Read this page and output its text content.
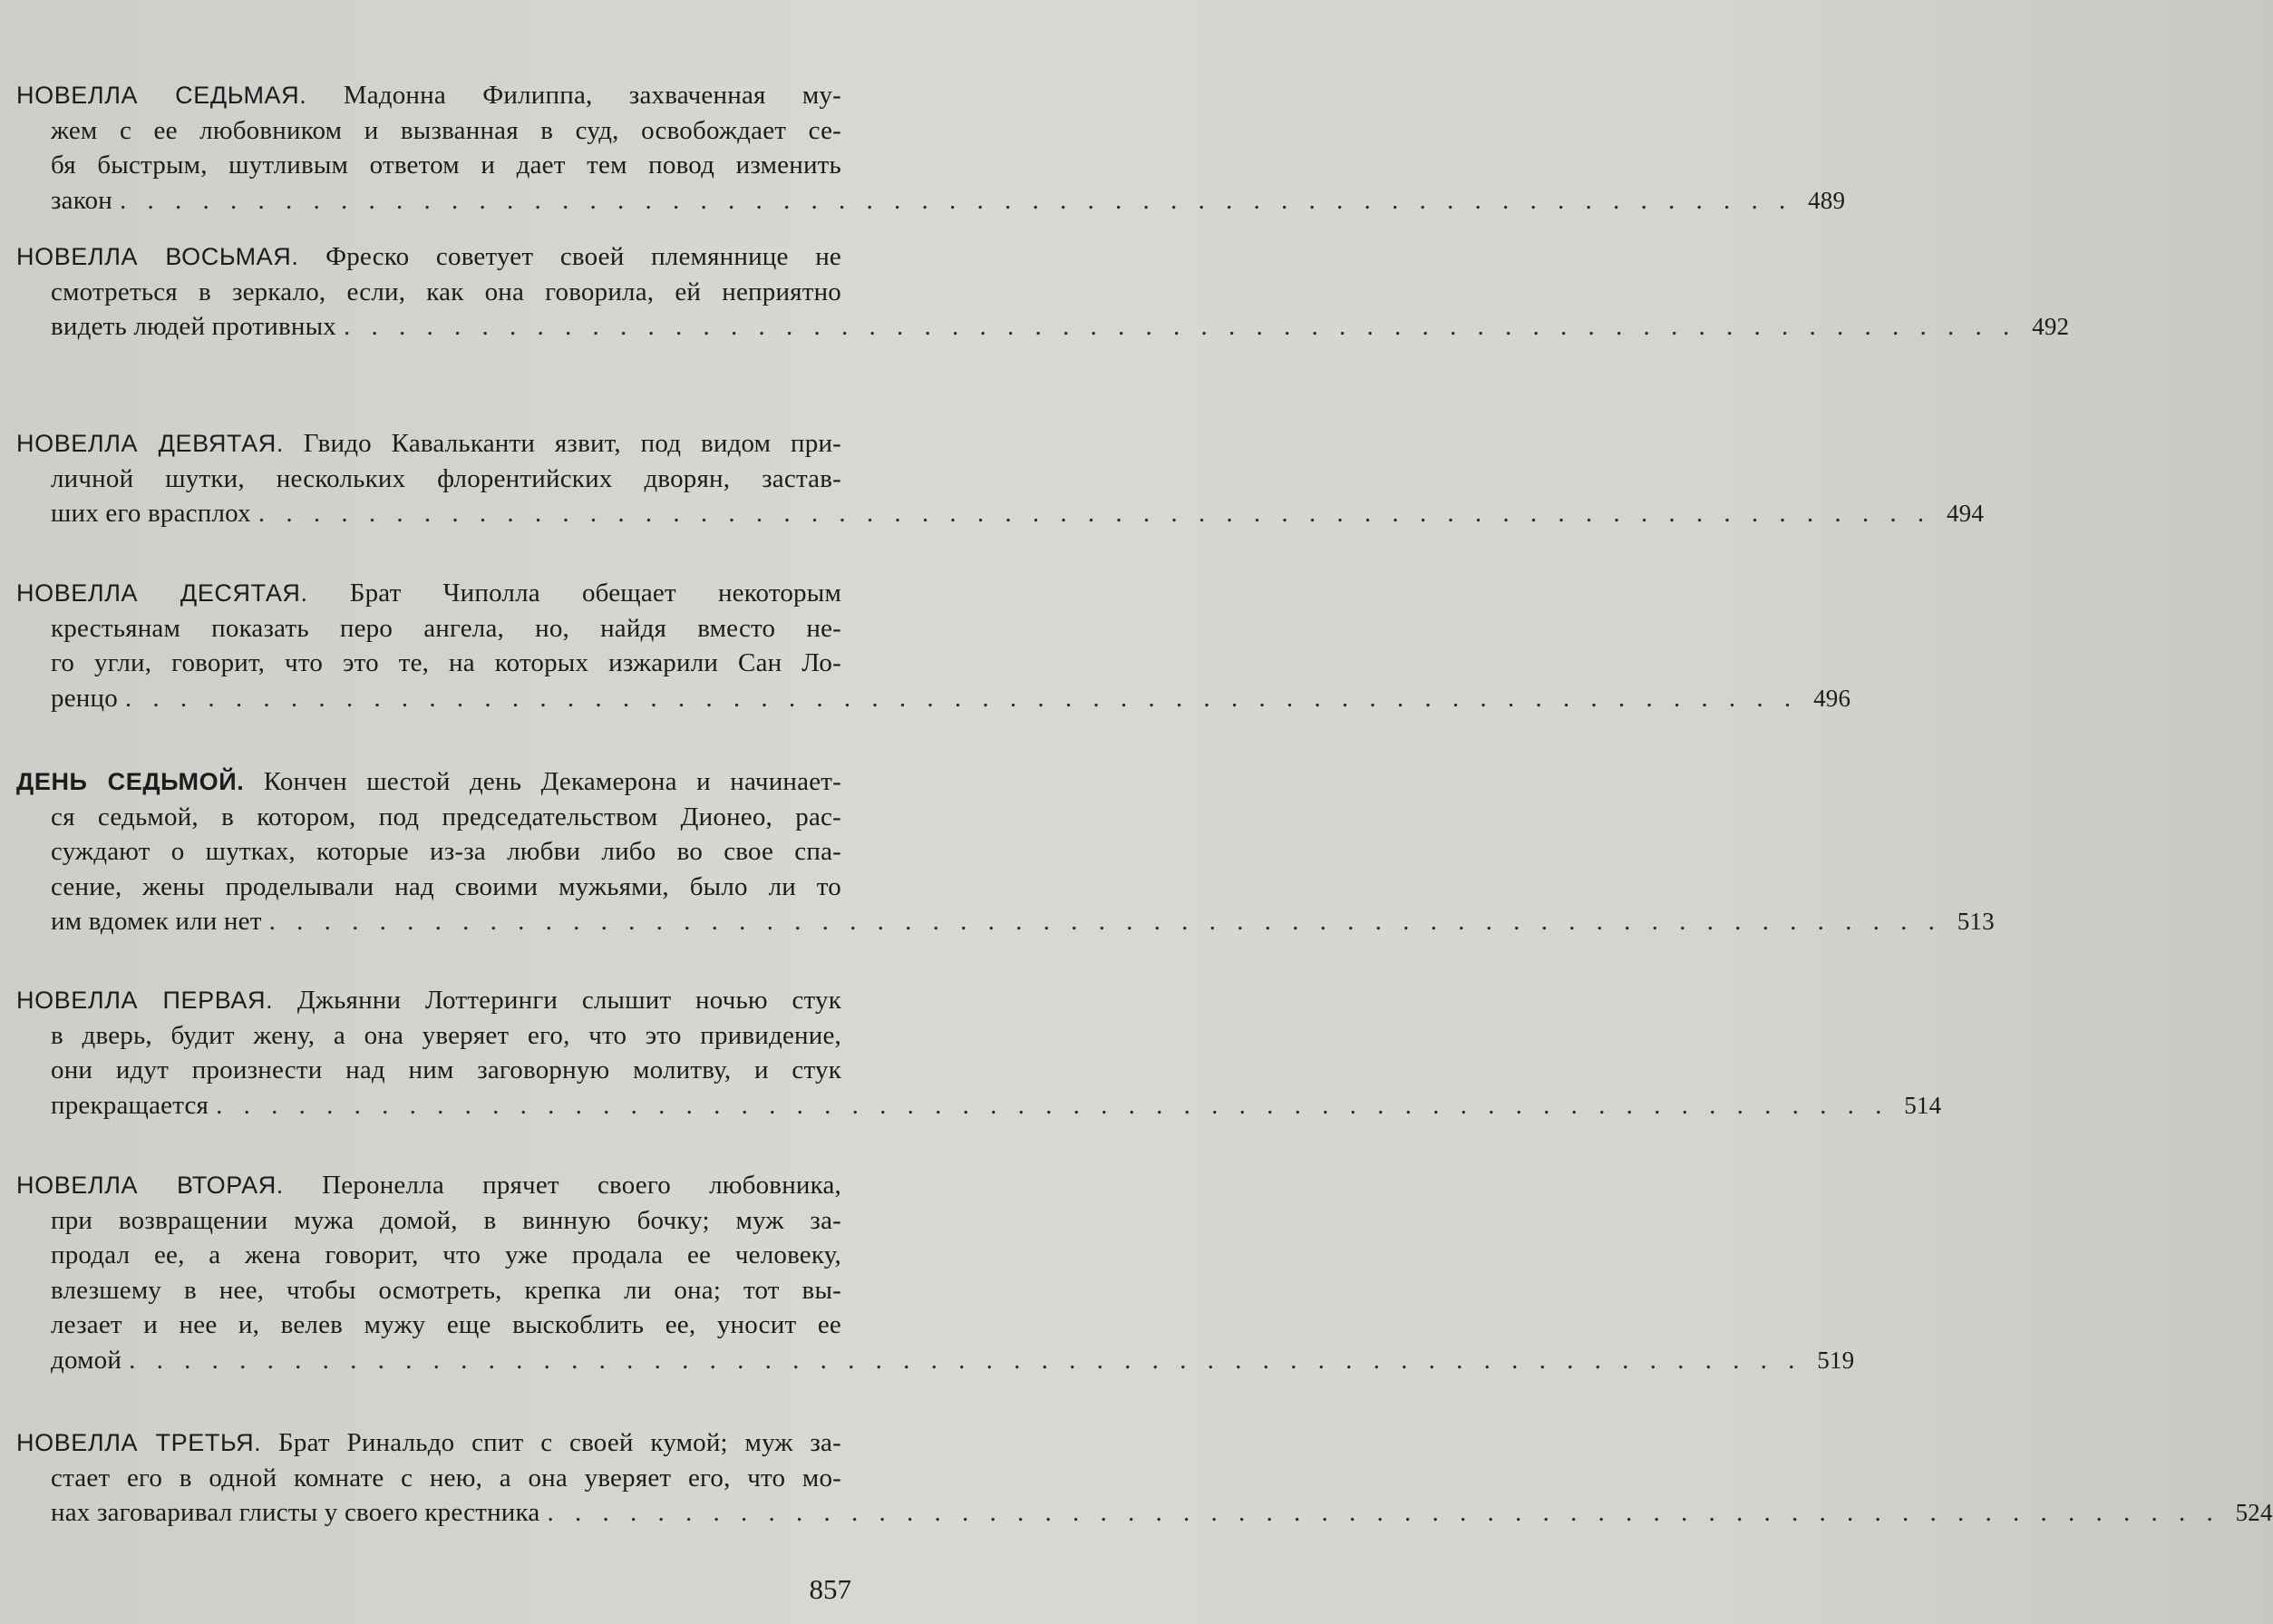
НОВЕЛЛА СЕДЬМАЯ. Мадонна Филиппа, захваченная му-
жем с ее любовником и вызванная в суд, освобождает се-
бя быстрым, шутливым ответом и дает тем повод изменить
закон . . . . . . . . . . . . . . . . . . . . . . . . . . . . . . . . . . . . . . . . . . . . . . . . . . . . . . . . . . . . . 489
НОВЕЛЛА ВОСЬМАЯ. Фреско советует своей племяннице не
смотреться в зеркало, если, как она говорила, ей неприятно
видеть людей противных . . . . . . . . . . . . . . . . . . . . . . . . . . . . . . . . . . . . . . . . . . . . . . . . . . . . . . . . . . . . . 492
НОВЕЛЛА ДЕВЯТАЯ. Гвидо Кавальканти язвит, под видом при-
личной шутки, нескольких флорентийских дворян, застав-
ших его врасплох . . . . . . . . . . . . . . . . . . . . . . . . . . . . . . . . . . . . . . . . . . . . . . . . . . . . . . . . . . . . . 494
НОВЕЛЛА ДЕСЯТАЯ. Брат Чиполла обещает некоторым
крестьянам показать перо ангела, но, найдя вместо не-
го угли, говорит, что это те, на которых изжарили Сан Ло-
ренцо . . . . . . . . . . . . . . . . . . . . . . . . . . . . . . . . . . . . . . . . . . . . . . . . . . . . . . . . . . . . . 496
ДЕНЬ СЕДЬМОЙ. Кончен шестой день Декамерона и начинает-
ся седьмой, в котором, под председательством Дионео, рас-
суждают о шутках, которые из-за любви либо во свое спа-
сение, жены проделывали над своими мужьями, было ли то
им вдомек или нет . . . . . . . . . . . . . . . . . . . . . . . . . . . . . . . . . . . . . . . . . . . . . . . . . . . . . . . . . . . . . 513
НОВЕЛЛА ПЕРВАЯ. Джьянни Лоттеринги слышит ночью стук
в дверь, будит жену, а она уверяет его, что это привидение,
они идут произнести над ним заговорную молитву, и стук
прекращается . . . . . . . . . . . . . . . . . . . . . . . . . . . . . . . . . . . . . . . . . . . . . . . . . . . . . . . . . . . . . 514
НОВЕЛЛА ВТОРАЯ. Перонелла прячет своего любовника,
при возвращении мужа домой, в винную бочку; муж за-
продал ее, а жена говорит, что уже продала ее человеку,
влезшему в нее, чтобы осмотреть, крепка ли она; тот вы-
лезает и нее и, велев мужу еще выскоблить ее, уносит ее
домой . . . . . . . . . . . . . . . . . . . . . . . . . . . . . . . . . . . . . . . . . . . . . . . . . . . . . . . . . . . . . 519
НОВЕЛЛА ТРЕТЬЯ. Брат Ринальдо спит с своей кумой; муж за-
стает его в одной комнате с нею, а она уверяет его, что мо-
нах заговаривал глисты у своего крестника . . . . . . . . . . . . . . . . . . . . . . . . . . . . . . . . . . . . . . . . . . . . . . . . . . . . . . . . . . . . . 524
857
